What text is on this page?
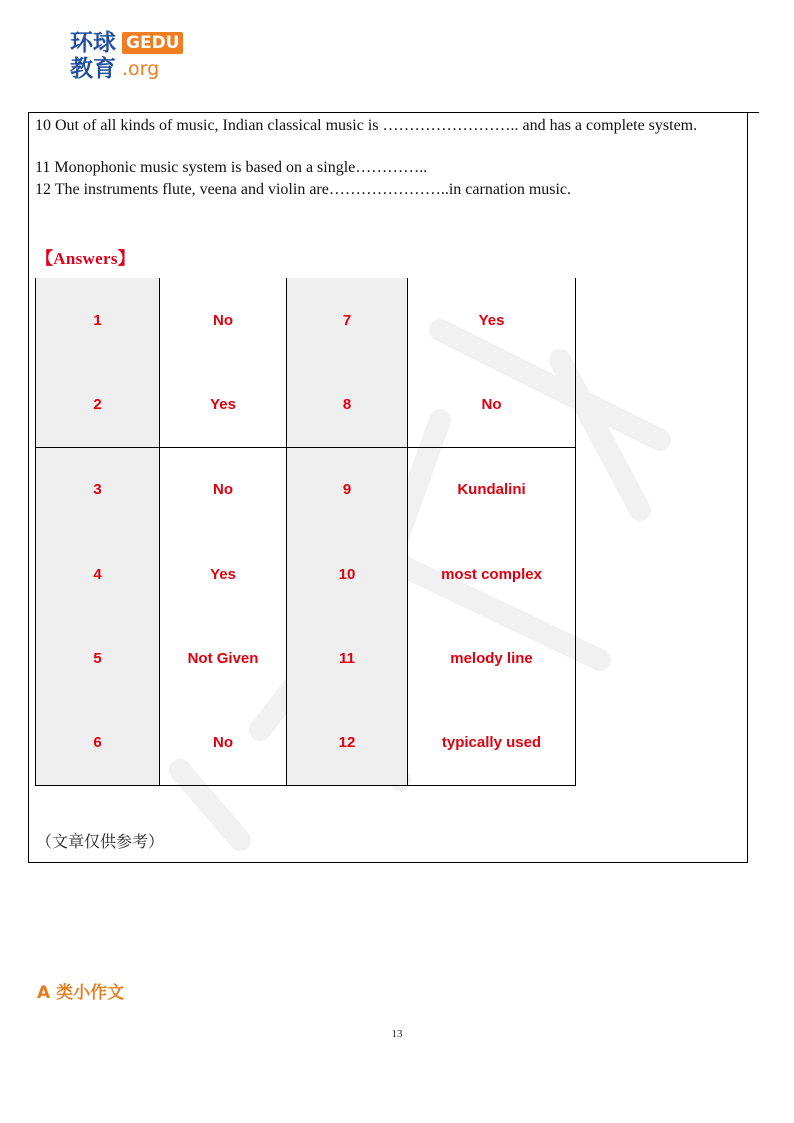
环球
教育
GEDU
.org
10 Out of all kinds of music, Indian classical music is …………………….. and has a complete system.
11 Monophonic music system is based on a single…………..
12 The instruments flute, veena and violin are…………………..in carnation music.
【Answers】
1	No	7	Yes
2	Yes	8	No
3	No	9	Kundalini
4	Yes	10	most complex
5	Not Given	11	melody line
6	No	12	typically used
（文章仅供参考）
A 类小作文
13
